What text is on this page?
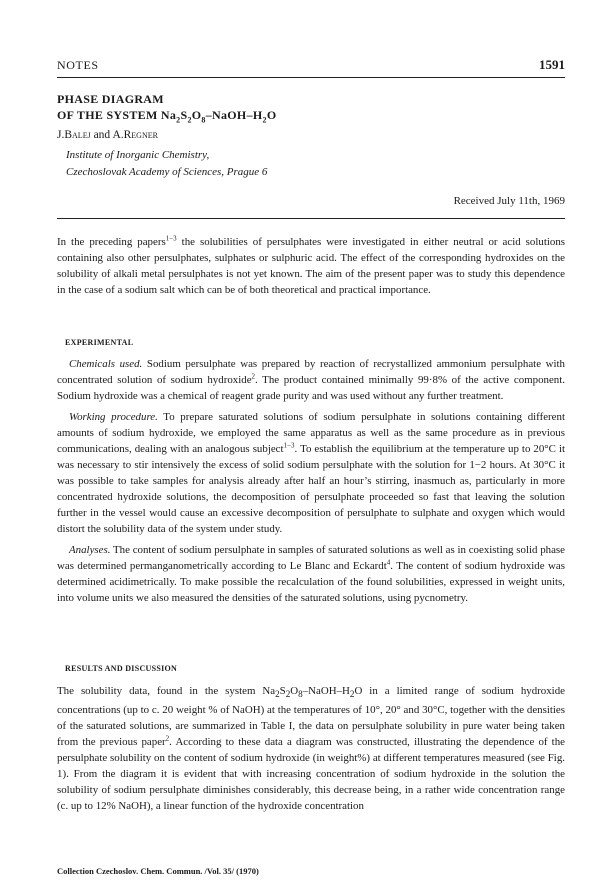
NOTES	1591
PHASE DIAGRAM
OF THE SYSTEM $Na_2S_2O_8-NaOH-H_2O$
J.Balej and A.Regner
Institute of Inorganic Chemistry,
Czechoslovak Academy of Sciences, Prague 6
Received July 11th, 1969

In the preceding papers$^{1-3}$ the solubilities of persulphates were investigated in either neutral or acid solutions containing also other persulphates, sulphates or sulphuric acid. The effect of the corresponding hydroxides on the solubility of alkali metal persulphates is not yet known. The aim of the present paper was to study this dependence in the case of a sodium salt which can be of both theoretical and practical importance.

EXPERIMENTAL

Chemicals used. Sodium persulphate was prepared by reaction of recrystallized ammonium persulphate with concentrated solution of sodium hydroxide$^2$. The product contained minimally 99·8% of the active component. Sodium hydroxide was a chemical of reagent grade purity and was used without any further treatment.

Working procedure. To prepare saturated solutions of sodium persulphate in solutions containing different amounts of sodium hydroxide, we employed the same apparatus as well as the same procedure as in previous communications, dealing with an analogous subject$^{1-3}$. To establish the equilibrium at the temperature up to 20°C it was necessary to stir intensively the excess of solid sodium persulphate with the solution for 1−2 hours. At 30°C it was possible to take samples for analysis already after half an hour’s stirring, inasmuch as, particularly in more concentrated hydroxide solutions, the decomposition of persulphate proceeded so fast that leaving the solution further in the vessel would cause an excessive decomposition of persulphate to sulphate and oxygen which would distort the solubility data of the system under study.

Analyses. The content of sodium persulphate in samples of saturated solutions as well as in coexisting solid phase was determined permanganometrically according to Le Blanc and Eckardt$^4$. The content of sodium hydroxide was determined acidimetrically. To make possible the recalculation of the found solubilities, expressed in weight units, into volume units we also measured the densities of the saturated solutions, using pycnometry.

RESULTS AND DISCUSSION

The solubility data, found in the system $Na_2S_2O_8-NaOH-H_2O$ in a limited range of sodium hydroxide concentrations (up to c. 20 weight % of NaOH) at the temperatures of 10°, 20° and 30°C, together with the densities of the saturated solutions, are summarized in Table I, the data on persulphate solubility in pure water being taken from the previous paper$^2$. According to these data a diagram was constructed, illustrating the dependence of the persulphate solubility on the content of sodium hydroxide (in weight%) at different temperatures measured (see Fig. 1). From the diagram it is evident that with increasing concentration of sodium hydroxide in the solution the solubility of sodium persulphate diminishes considerably, this decrease being, in a rather wide concentration range (c. up to 12% NaOH), a linear function of the hydroxide concentration

Collection Czechoslov. Chem. Commun. /Vol. 35/ (1970)
